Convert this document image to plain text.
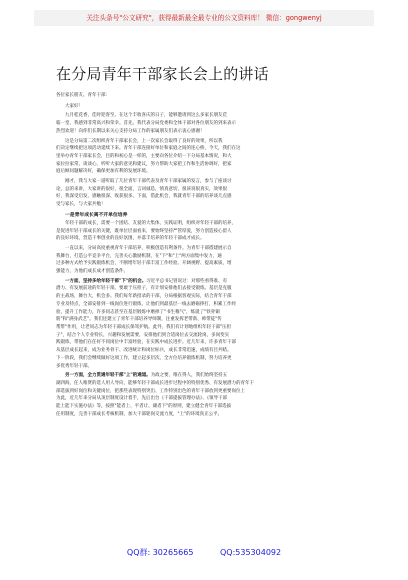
关注头条号"公文研究"，获得最新最全最专业的公文资料库！ 微信：gongwenyj
在分局青年干部家长会上的讲话
各位家长朋友、青年干部：
大家好！
九月桂花香，佳时迎客至。在这个丰收喜庆的日子，能够邀请到这么多家长朋友莅
临一堂，我感到非常高兴和荣幸。首先，我代表分局党委和全体干部对各位朋友的到来表示
热烈欢迎！向你们长期以来关心支持分局工作的家属朋友们表示衷心感谢！
这是分局第二次组织青年干部家长会，上一次家长会取得了良好的效果，所以我
们决定继续把这项活动延续下来。青年干部连接好单位和家庭之间的连心桥，今天，我们在这
里举办青年干部家长会，目的和初心是一样的，主要向各位介绍一下分局基本情况，和大
家拉拉家常、谈谈心，听听大家的意见和建议，努力帮助大家把工作和生活协调好，把家
庭后顾问题解决好，确保更加有利的发展环境。
刚才，我与大家一道听取了几位青年干部代表及青年干部家属的发言，参与了座谈讨
论，总的来讲，大家讲的很好，很全面，言词诚恳，情真意切，很该说很真实，效果很
好，我深受启发，感触很深、收获很多。下面，借此机会，我就青年干部的培养谈几点感
受与家长，与大家共勉！
一是青年成长离不开单位培养
年轻干部的成长，需要一个团结、友爱的大集体，实践证明，组织对年轻干部的培养，
是促进年轻干部成长的关键，既单位层面看来，要始终坚持严管厚爱，努力创造按心留人
的良好环境，营造干事创业的良好氛围，并落丰培养的年轻干部成才成长。
一直以来，分局高度重视青年干部培养，积极创造有利条件。为青年干部搭建展示自
我舞台，打造公平竞争平台，完善关心激励机制，在"下"和"上"两方面集中发力，通
过多种方式给予实践锻炼机会，不断增年轻干部丰富工作经验、开阔视野、提高素质，增
强能力，为他们成长成才创造条件。
一方面，坚持多给年轻干部"下"的机会。习近平总书记曾说过：对那些看得准、有
潜力、有发展前途的年轻干部，要敢于压担子，有计划安排他们去接受锻炼。基层是克服
的主战场，舞台大，机会多。我们每年新招录的干部，分局根据客观实际，结合青年干部
专业及特点，全部安排到一线岗位进行锻炼，让他们到最基层一线去磨砺摔打，积累工作经
验，提升工作能力，许多同志甚至在基层锻炼中磨掉了"书生稚气"，练就了"铁骨铜
筋"和"满身武艺"。我们还建立了青年干部培养导师制，注重发挥老带新、师带徒"传
帮带"作用，让老同志为年轻干部成长保驾护航。此外，我们有计划地组织年轻干部"压担
子"，结合个人专业特长，兴趣和发展需要，安排他们到合适岗位去交流轮岗，多岗变实
践锻炼，带他们在任好不同岗位中丰富经验，在实践中成长进步。近几年来，许多青年干部
从基层成长起来，成为业务骨干、改进统计和岗位标兵，成长非常迅速，成绩有目共睹。
下一阶段，我们会继续做好这项工作，建立起多层次、全方位培养锻炼机制，努力培养更
多优秀年轻干部。
另一方面，全力贯通年轻干部"上"的通道。为政之要，唯在得人，我们始终坚持五
湖四海，任人唯贤的选人用人导向，能够年轻干部成长进步过程中的特别优秀、有发展潜力的青年干
部选拔到好岗位和关键岗位，把那些表现特别突出、工作特别出色的青年干部放到更重要岗位上
为此，近几年来分局从顶层制度设计着手，先后出台《干部提拔管理办法》、《领导干部
能上能下实施办法》等，按照"能者上、平者让、庸者下"的原则，建立健全青年干部选拔
任用制度，完善干部成长考核机制，加大干部轮岗交流力度，"上"的环境真正公平。
QQ群: 30265665	QQ:535304092
